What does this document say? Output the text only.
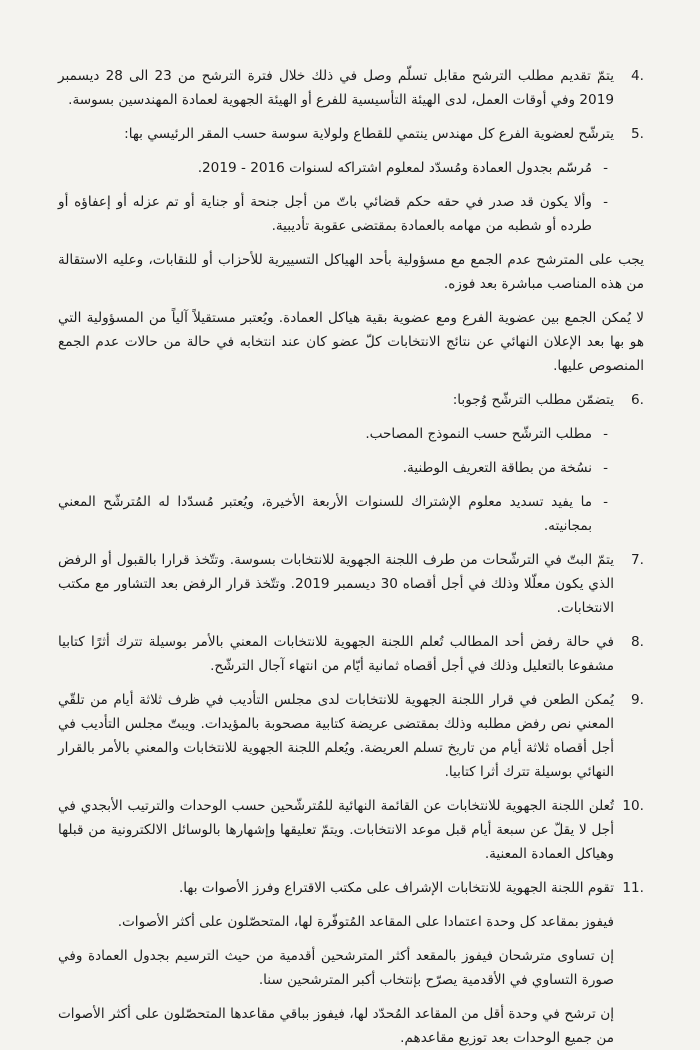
4.
يتمّ تقديم مطلب الترشح مقابل تسلّم وصل في ذلك خلال فترة الترشح من 23 الى 28 ديسمبر 2019 وفي أوقات العمل، لدى الهيئة التأسيسية للفرع أو الهيئة الجهوية لعمادة المهندسين بسوسة.
5.
يترشّح لعضوية الفرع كل مهندس ينتمي للقطاع ولولاية سوسة حسب المقر الرئيسي بها:
-
مُرسّم بجدول العمادة ومُسدّد لمعلوم اشتراكه لسنوات 2016 - 2019.
-
وألا يكون قد صدر في حقه حكم قضائي باتّ من أجل جنحة أو جناية أو تم عزله أو إعفاؤه أو طرده أو شطبه من مهامه بالعمادة بمقتضى عقوبة تأديبية.

يجب على المترشح عدم الجمع مع مسؤولية بأحد الهياكل التسييرية للأحزاب أو للنقابات، وعليه الاستقالة من هذه المناصب مباشرة بعد فوزه.

لا يُمكن الجمع بين عضوية الفرع ومع عضوية بقية هياكل العمادة. ويُعتبر مستقيلاً آلياً من المسؤولية التي هو بها بعد الإعلان النهائي عن نتائج الانتخابات كلّ عضو كان عند انتخابه في حالة من حالات عدم الجمع المنصوص عليها.

6.
يتضمّن مطلب الترشّح وُجوبا:
-
مطلب الترشّح حسب النموذج المصاحب.
-
نسُخة من بطاقة التعريف الوطنية.
-
ما يفيد تسديد معلوم الإشتراك للسنوات الأربعة الأخيرة، ويُعتبر مُسدّدا له المُترشّح المعني بمجانيته.
7.
يتمّ البتّ في الترشّحات من طرف اللجنة الجهوية للانتخابات بسوسة. وتتّخذ قرارا بالقبول أو الرفض الذي يكون معلّلا وذلك في أجل أقصاه 30 ديسمبر 2019. وتتّخذ قرار الرفض بعد التشاور مع مكتب الانتخابات.
8.
في حالة رفض أحد المطالب تُعلم اللجنة الجهوية للانتخابات المعني بالأمر بوسيلة تترك أثرًا كتابيا مشفوعا بالتعليل وذلك في أجل أقصاه ثمانية أيّام من انتهاء آجال الترشّح.
9.
يُمكن الطعن في قرار اللجنة الجهوية للانتخابات لدى مجلس التأديب في ظرف ثلاثة أيام من تلقّي المعني نص رفض مطلبه وذلك بمقتضى عريضة كتابية مصحوبة بالمؤيدات. ويبتّ مجلس التأديب في أجل أقصاه ثلاثة أيام من تاريخ تسلم العريضة. ويُعلم اللجنة الجهوية للانتخابات والمعني بالأمر بالقرار النهائي بوسيلة تترك أثرا كتابيا.
10.
تُعلن اللجنة الجهوية للانتخابات عن القائمة النهائية للمُترشّحين حسب الوحدات والترتيب الأبجدي في أجل لا يقلّ عن سبعة أيام قبل موعد الانتخابات. ويتمّ تعليقها وإشهارها بالوسائل الالكترونية من قبلها وهياكل العمادة المعنية.
11.
تقوم اللجنة الجهوية للانتخابات الإشراف على مكتب الاقتراع وفرز الأصوات بها.

فيفوز بمقاعد كل وحدة اعتمادا على المقاعد المُتوفّرة لها، المتحصّلون على أكثر الأصوات.

إن تساوى مترشحان فيفوز بالمقعد أكثر المترشحين أقدمية من حيث الترسيم بجدول العمادة وفي صورة التساوي في الأقدمية يصرّح بإنتخاب أكبر المترشحين سنا.

إن ترشح في وحدة أقل من المقاعد المُحدّد لها، فيفوز بباقي مقاعدها المتحصّلون على أكثر الأصوات من جميع الوحدات بعد توزيع مقاعدهم.
